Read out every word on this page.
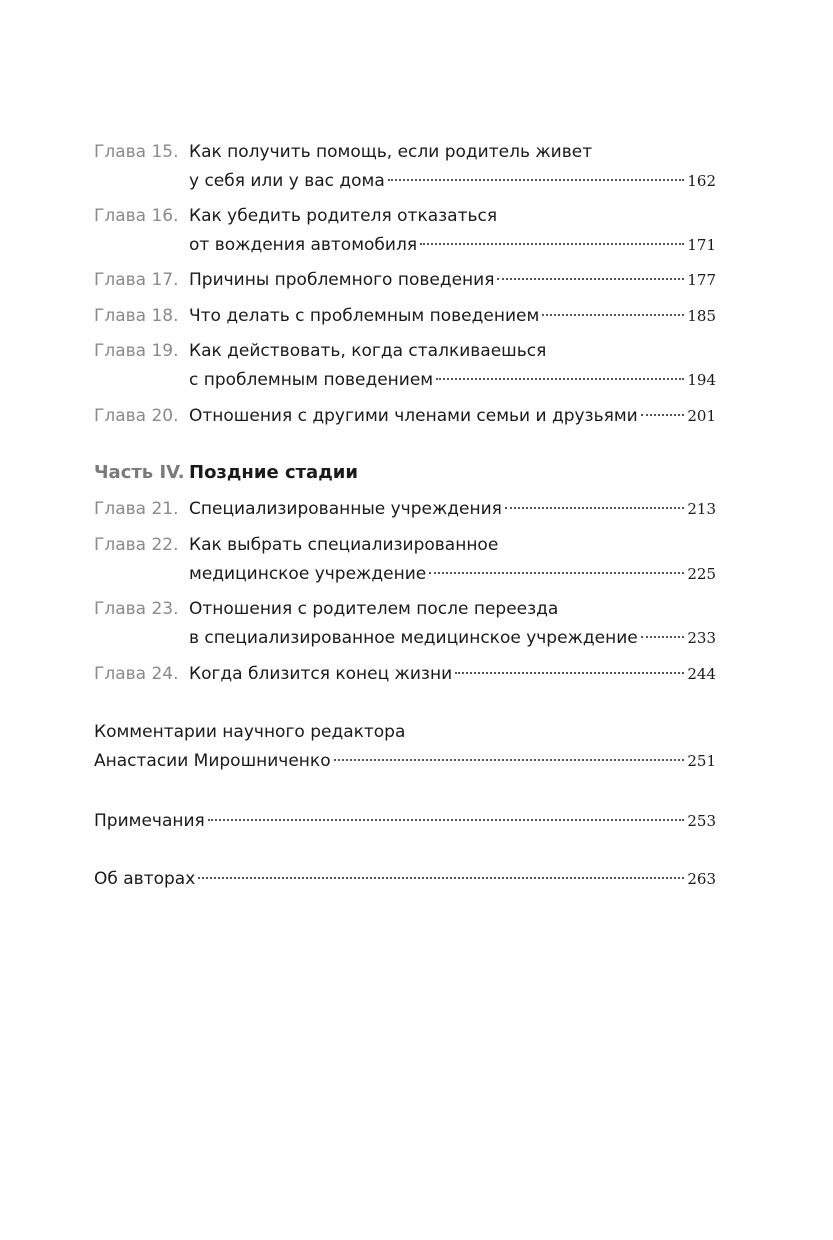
Глава 15. Как получить помощь, если родитель живет
у себя или у вас дома	162
Глава 16. Как убедить родителя отказаться
от вождения автомобиля	171
Глава 17. Причины проблемного поведения	177
Глава 18. Что делать с проблемным поведением	185
Глава 19. Как действовать, когда сталкиваешься
с проблемным поведением	194
Глава 20. Отношения с другими членами семьи и друзьями	201
Часть IV. Поздние стадии
Глава 21. Специализированные учреждения	213
Глава 22. Как выбрать специализированное
медицинское учреждение	225
Глава 23. Отношения с родителем после переезда
в специализированное медицинское учреждение	233
Глава 24. Когда близится конец жизни	244
Комментарии научного редактора
Анастасии Мирошниченко	251
Примечания	253
Об авторах	263
